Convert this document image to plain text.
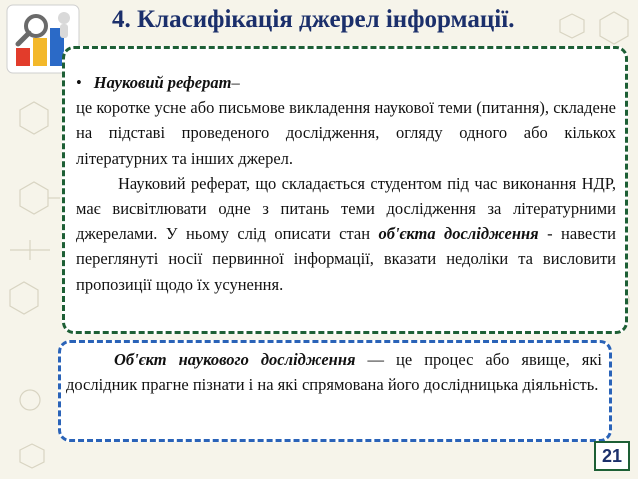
4. Класифікація джерел інформації.
• Науковий реферат –

це коротке усне або письмове викладення наукової теми (питання), складене на підставі проведеного дослідження, огляду одного або кількох літературних та інших джерел.

Науковий реферат, що складається студентом під час виконання НДР, має висвітлювати одне з питань теми дослідження за літературними джерелами. У ньому слід описати стан об'єкта дослідження - навести переглянуті носії первинної інформації, вказати недоліки та висловити пропозиції щодо їх усунення.

Об'єкт наукового дослідження — це процес або явище, які дослідник прагне пізнати і на які спрямована його дослідницька діяльність.

21
